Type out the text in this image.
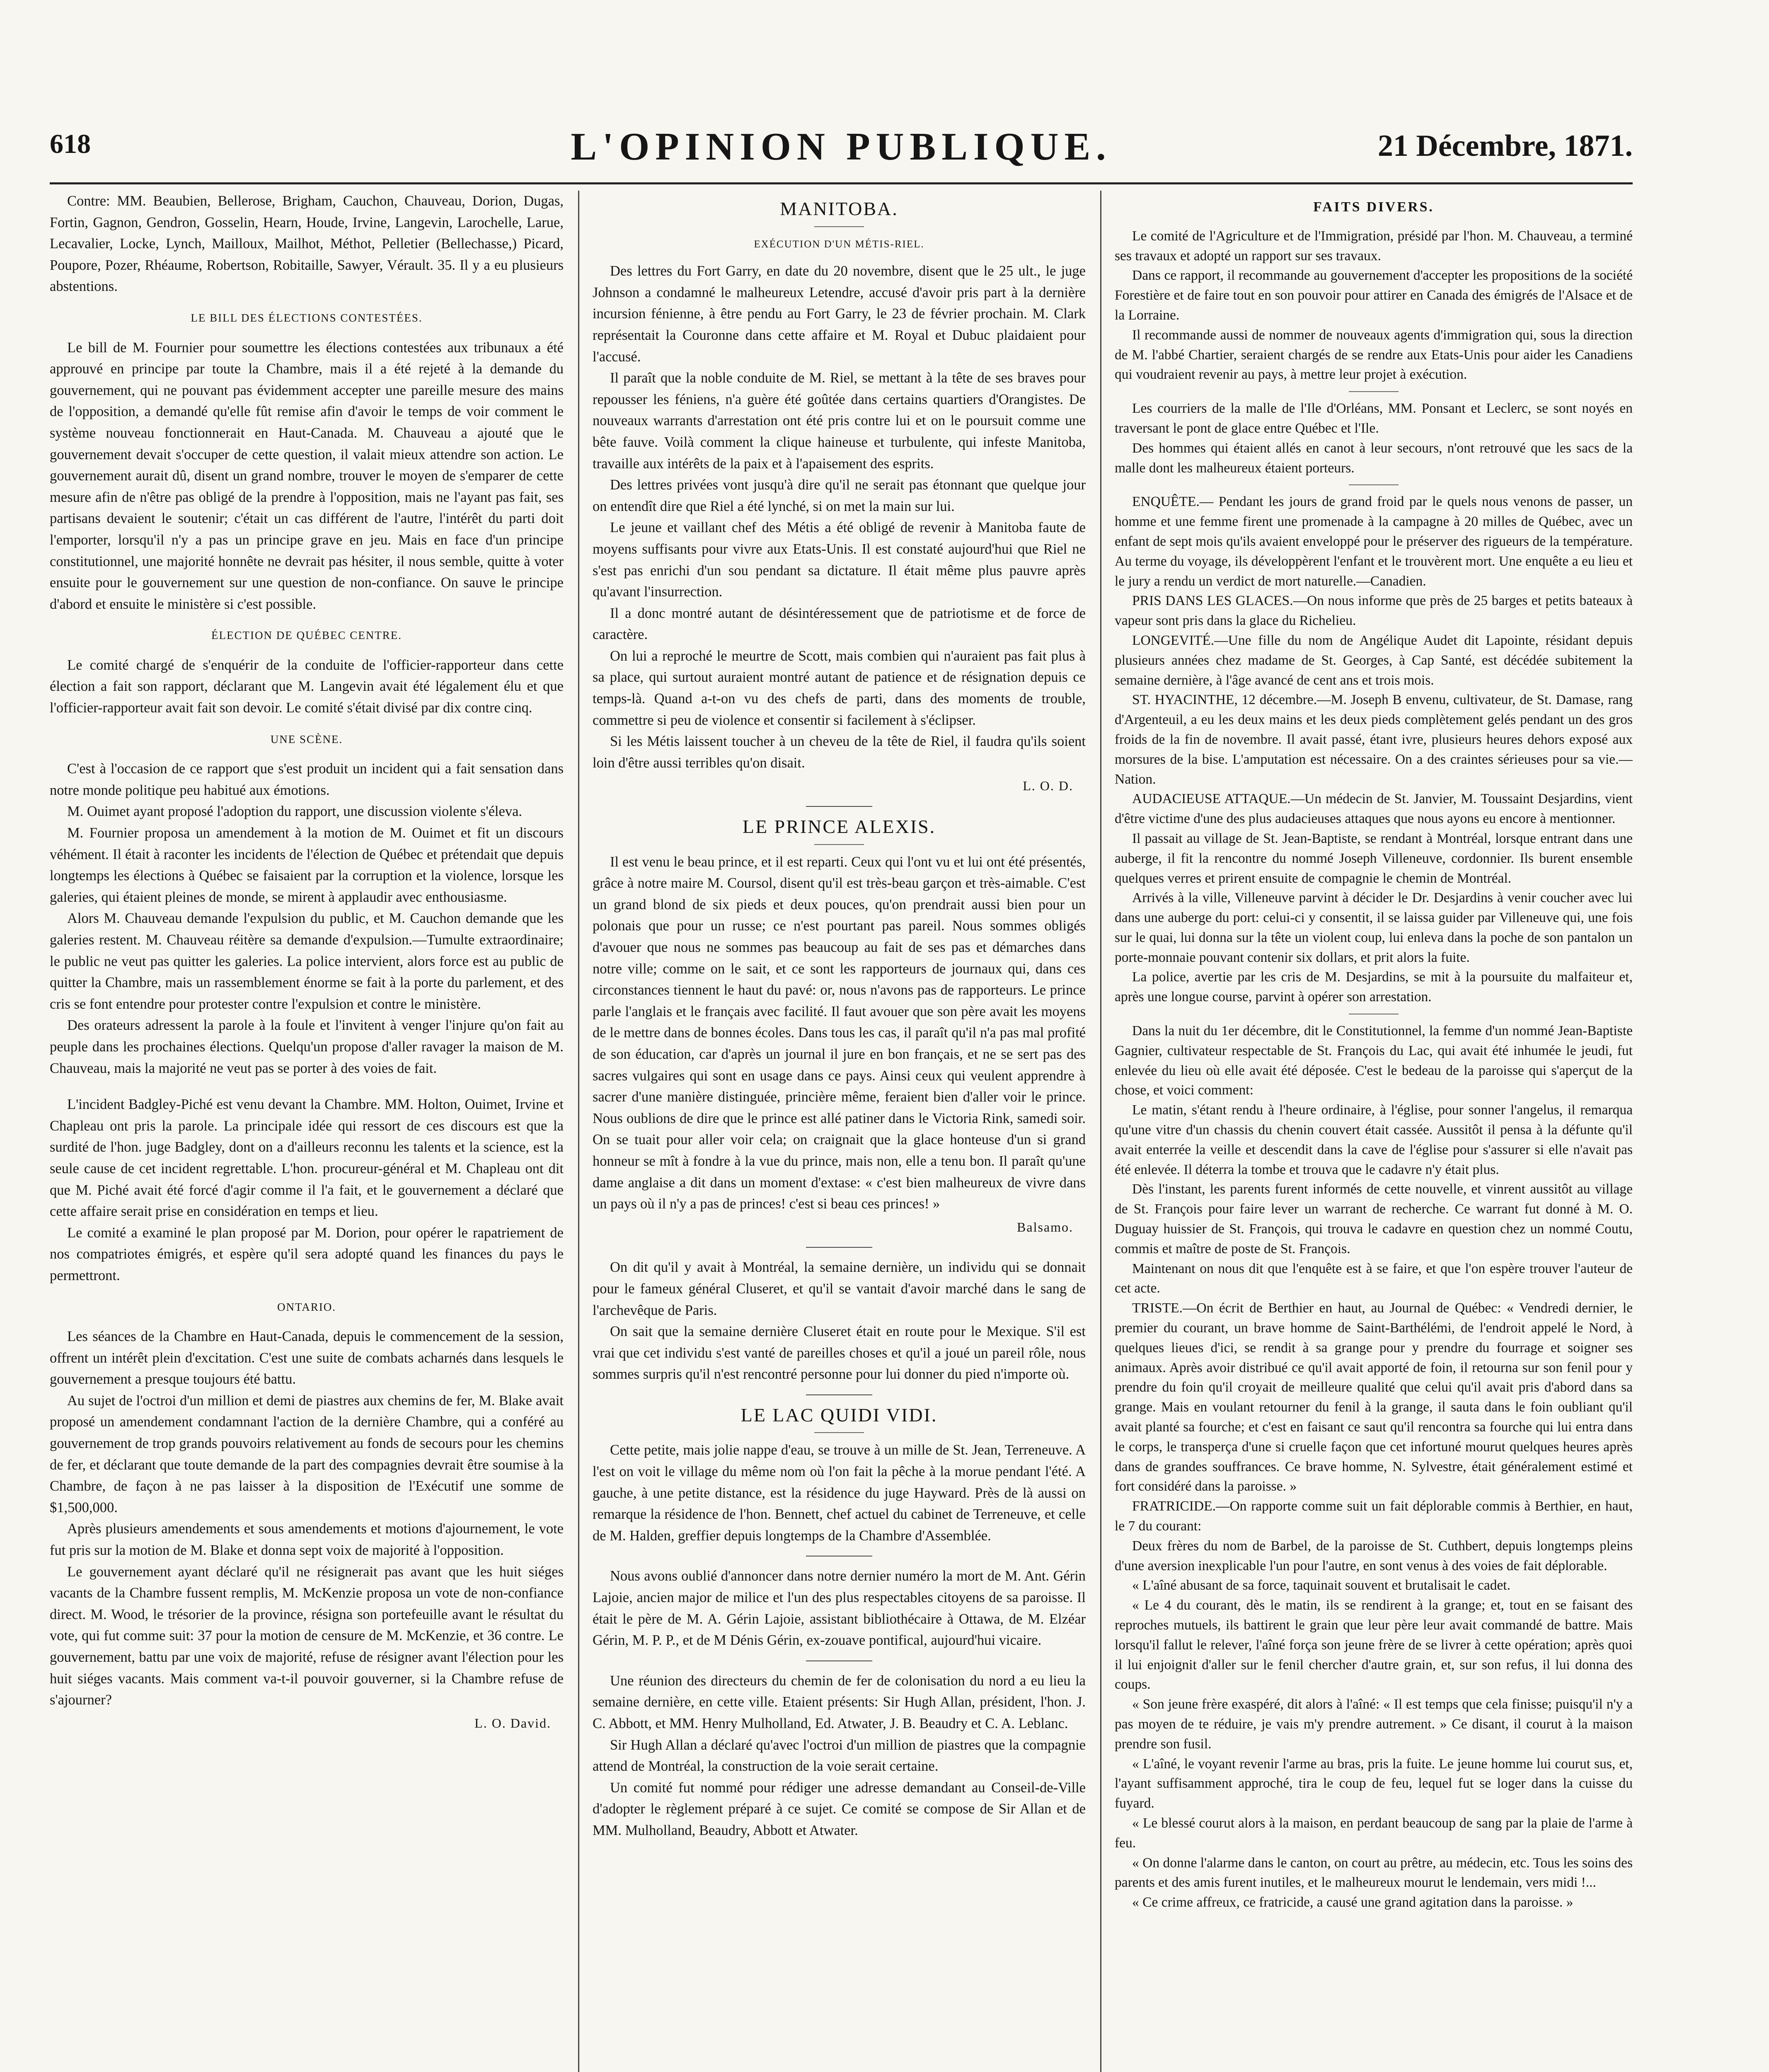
618	L'OPINION PUBLIQUE.	21 Décembre, 1871.

Contre: MM. Beaubien, Bellerose, Brigham, Cauchon, Chauveau, Dorion, Dugas, Fortin, Gagnon, Gendron, Gosselin, Hearn, Houde, Irvine, Langevin, Larochelle, Larue, Lecavalier, Locke, Lynch, Mailloux, Mailhot, Méthot, Pelletier (Bellechasse,) Picard, Poupore, Pozer, Rhéaume, Robertson, Robitaille, Sawyer, Vérault. 35. Il y a eu plusieurs abstentions.

LE BILL DES ÉLECTIONS CONTESTÉES.

Le bill de M. Fournier pour soumettre les élections contestées aux tribunaux a été approuvé en principe par toute la Chambre, mais il a été rejeté à la demande du gouvernement, qui ne pouvant pas évidemment accepter une pareille mesure des mains de l'opposition, a demandé qu'elle fût remise afin d'avoir le temps de voir comment le système nouveau fonctionnerait en Haut-Canada. M. Chauveau a ajouté que le gouvernement devait s'occuper de cette question, il valait mieux attendre son action. Le gouvernement aurait dû, disent un grand nombre, trouver le moyen de s'emparer de cette mesure afin de n'être pas obligé de la prendre à l'opposition, mais ne l'ayant pas fait, ses partisans devaient le soutenir; c'était un cas différent de l'autre, l'intérêt du parti doit l'emporter, lorsqu'il n'y a pas un principe grave en jeu. Mais en face d'un principe constitutionnel, une majorité honnête ne devrait pas hésiter, il nous semble, quitte à voter ensuite pour le gouvernement sur une question de non-confiance. On sauve le principe d'abord et ensuite le ministère si c'est possible.

ÉLECTION DE QUÉBEC CENTRE.

Le comité chargé de s'enquérir de la conduite de l'officier-rapporteur dans cette élection a fait son rapport, déclarant que M. Langevin avait été légalement élu et que l'officier-rapporteur avait fait son devoir. Le comité s'était divisé par dix contre cinq.

UNE SCÈNE.

C'est à l'occasion de ce rapport que s'est produit un incident qui a fait sensation dans notre monde politique peu habitué aux émotions.

M. Ouimet ayant proposé l'adoption du rapport, une discussion violente s'éleva.

M. Fournier proposa un amendement à la motion de M. Ouimet et fit un discours véhément. Il était à raconter les incidents de l'élection de Québec et prétendait que depuis longtemps les élections à Québec se faisaient par la corruption et la violence, lorsque les galeries, qui étaient pleines de monde, se mirent à applaudir avec enthousiasme.

Alors M. Chauveau demande l'expulsion du public, et M. Cauchon demande que les galeries restent. M. Chauveau réitère sa demande d'expulsion.—Tumulte extraordinaire; le public ne veut pas quitter les galeries. La police intervient, alors force est au public de quitter la Chambre, mais un rassemblement énorme se fait à la porte du parlement, et des cris se font entendre pour protester contre l'expulsion et contre le ministère.

Des orateurs adressent la parole à la foule et l'invitent à venger l'injure qu'on fait au peuple dans les prochaines élections. Quelqu'un propose d'aller ravager la maison de M. Chauveau, mais la majorité ne veut pas se porter à des voies de fait.

L'incident Badgley-Piché est venu devant la Chambre. MM. Holton, Ouimet, Irvine et Chapleau ont pris la parole. La principale idée qui ressort de ces discours est que la surdité de l'hon. juge Badgley, dont on a d'ailleurs reconnu les talents et la science, est la seule cause de cet incident regrettable. L'hon. procureur-général et M. Chapleau ont dit que M. Piché avait été forcé d'agir comme il l'a fait, et le gouvernement a déclaré que cette affaire serait prise en considération en temps et lieu.

Le comité a examiné le plan proposé par M. Dorion, pour opérer le rapatriement de nos compatriotes émigrés, et espère qu'il sera adopté quand les finances du pays le permettront.

ONTARIO.

Les séances de la Chambre en Haut-Canada, depuis le commencement de la session, offrent un intérêt plein d'excitation. C'est une suite de combats acharnés dans lesquels le gouvernement a presque toujours été battu.

Au sujet de l'octroi d'un million et demi de piastres aux chemins de fer, M. Blake avait proposé un amendement condamnant l'action de la dernière Chambre, qui a conféré au gouvernement de trop grands pouvoirs relativement au fonds de secours pour les chemins de fer, et déclarant que toute demande de la part des compagnies devrait être soumise à la Chambre, de façon à ne pas laisser à la disposition de l'Exécutif une somme de $1,500,000.

Après plusieurs amendements et sous amendements et motions d'ajournement, le vote fut pris sur la motion de M. Blake et donna sept voix de majorité à l'opposition.

Le gouvernement ayant déclaré qu'il ne résignerait pas avant que les huit siéges vacants de la Chambre fussent remplis, M. McKenzie proposa un vote de non-confiance direct. M. Wood, le trésorier de la province, résigna son portefeuille avant le résultat du vote, qui fut comme suit: 37 pour la motion de censure de M. McKenzie, et 36 contre. Le gouvernement, battu par une voix de majorité, refuse de résigner avant l'élection pour les huit siéges vacants. Mais comment va-t-il pouvoir gouverner, si la Chambre refuse de s'ajourner?

L. O. David.

MANITOBA.

EXÉCUTION D'UN MÉTIS-RIEL.

Des lettres du Fort Garry, en date du 20 novembre, disent que le 25 ult., le juge Johnson a condamné le malheureux Letendre, accusé d'avoir pris part à la dernière incursion fénienne, à être pendu au Fort Garry, le 23 de février prochain. M. Clark représentait la Couronne dans cette affaire et M. Royal et Dubuc plaidaient pour l'accusé.

Il paraît que la noble conduite de M. Riel, se mettant à la tête de ses braves pour repousser les féniens, n'a guère été goûtée dans certains quartiers d'Orangistes. De nouveaux warrants d'arrestation ont été pris contre lui et on le poursuit comme une bête fauve. Voilà comment la clique haineuse et turbulente, qui infeste Manitoba, travaille aux intérêts de la paix et à l'apaisement des esprits.

Des lettres privées vont jusqu'à dire qu'il ne serait pas étonnant que quelque jour on entendît dire que Riel a été lynché, si on met la main sur lui.

Le jeune et vaillant chef des Métis a été obligé de revenir à Manitoba faute de moyens suffisants pour vivre aux Etats-Unis. Il est constaté aujourd'hui que Riel ne s'est pas enrichi d'un sou pendant sa dictature. Il était même plus pauvre après qu'avant l'insurrection.

Il a donc montré autant de désintéressement que de patriotisme et de force de caractère.

On lui a reproché le meurtre de Scott, mais combien qui n'auraient pas fait plus à sa place, qui surtout auraient montré autant de patience et de résignation depuis ce temps-là. Quand a-t-on vu des chefs de parti, dans des moments de trouble, commettre si peu de violence et consentir si facilement à s'éclipser.

Si les Métis laissent toucher à un cheveu de la tête de Riel, il faudra qu'ils soient loin d'être aussi terribles qu'on disait.

L. O. D.

LE PRINCE ALEXIS.

Il est venu le beau prince, et il est reparti. Ceux qui l'ont vu et lui ont été présentés, grâce à notre maire M. Coursol, disent qu'il est très-beau garçon et très-aimable. C'est un grand blond de six pieds et deux pouces, qu'on prendrait aussi bien pour un polonais que pour un russe; ce n'est pourtant pas pareil. Nous sommes obligés d'avouer que nous ne sommes pas beaucoup au fait de ses pas et démarches dans notre ville; comme on le sait, et ce sont les rapporteurs de journaux qui, dans ces circonstances tiennent le haut du pavé: or, nous n'avons pas de rapporteurs. Le prince parle l'anglais et le français avec facilité. Il faut avouer que son père avait les moyens de le mettre dans de bonnes écoles. Dans tous les cas, il paraît qu'il n'a pas mal profité de son éducation, car d'après un journal il jure en bon français, et ne se sert pas des sacres vulgaires qui sont en usage dans ce pays. Ainsi ceux qui veulent apprendre à sacrer d'une manière distinguée, princière même, feraient bien d'aller voir le prince. Nous oublions de dire que le prince est allé patiner dans le Victoria Rink, samedi soir. On se tuait pour aller voir cela; on craignait que la glace honteuse d'un si grand honneur se mît à fondre à la vue du prince, mais non, elle a tenu bon. Il paraît qu'une dame anglaise a dit dans un moment d'extase: « c'est bien malheureux de vivre dans un pays où il n'y a pas de princes! c'est si beau ces princes! »

Balsamo.

On dit qu'il y avait à Montréal, la semaine dernière, un individu qui se donnait pour le fameux général Cluseret, et qu'il se vantait d'avoir marché dans le sang de l'archevêque de Paris.

On sait que la semaine dernière Cluseret était en route pour le Mexique. S'il est vrai que cet individu s'est vanté de pareilles choses et qu'il a joué un pareil rôle, nous sommes surpris qu'il n'est rencontré personne pour lui donner du pied n'importe où.

LE LAC QUIDI VIDI.

Cette petite, mais jolie nappe d'eau, se trouve à un mille de St. Jean, Terreneuve. A l'est on voit le village du même nom où l'on fait la pêche à la morue pendant l'été. A gauche, à une petite distance, est la résidence du juge Hayward. Près de là aussi on remarque la résidence de l'hon. Bennett, chef actuel du cabinet de Terreneuve, et celle de M. Halden, greffier depuis longtemps de la Chambre d'Assemblée.

Nous avons oublié d'annoncer dans notre dernier numéro la mort de M. Ant. Gérin Lajoie, ancien major de milice et l'un des plus respectables citoyens de sa paroisse. Il était le père de M. A. Gérin Lajoie, assistant bibliothécaire à Ottawa, de M. Elzéar Gérin, M. P. P., et de M Dénis Gérin, ex-zouave pontifical, aujourd'hui vicaire.

Une réunion des directeurs du chemin de fer de colonisation du nord a eu lieu la semaine dernière, en cette ville. Etaient présents: Sir Hugh Allan, président, l'hon. J. C. Abbott, et MM. Henry Mulholland, Ed. Atwater, J. B. Beaudry et C. A. Leblanc.

Sir Hugh Allan a déclaré qu'avec l'octroi d'un million de piastres que la compagnie attend de Montréal, la construction de la voie serait certaine.

Un comité fut nommé pour rédiger une adresse demandant au Conseil-de-Ville d'adopter le règlement préparé à ce sujet. Ce comité se compose de Sir Allan et de MM. Mulholland, Beaudry, Abbott et Atwater.

FAITS DIVERS.

Le comité de l'Agriculture et de l'Immigration, présidé par l'hon. M. Chauveau, a terminé ses travaux et adopté un rapport sur ses travaux.

Dans ce rapport, il recommande au gouvernement d'accepter les propositions de la société Forestière et de faire tout en son pouvoir pour attirer en Canada des émigrés de l'Alsace et de la Lorraine.

Il recommande aussi de nommer de nouveaux agents d'immigration qui, sous la direction de M. l'abbé Chartier, seraient chargés de se rendre aux Etats-Unis pour aider les Canadiens qui voudraient revenir au pays, à mettre leur projet à exécution.

Les courriers de la malle de l'Ile d'Orléans, MM. Ponsant et Leclerc, se sont noyés en traversant le pont de glace entre Québec et l'Ile.

Des hommes qui étaient allés en canot à leur secours, n'ont retrouvé que les sacs de la malle dont les malheureux étaient porteurs.

ENQUÊTE.— Pendant les jours de grand froid par le quels nous venons de passer, un homme et une femme firent une promenade à la campagne à 20 milles de Québec, avec un enfant de sept mois qu'ils avaient enveloppé pour le préserver des rigueurs de la température. Au terme du voyage, ils développèrent l'enfant et le trouvèrent mort. Une enquête a eu lieu et le jury a rendu un verdict de mort naturelle.—Canadien.

PRIS DANS LES GLACES.—On nous informe que près de 25 barges et petits bateaux à vapeur sont pris dans la glace du Richelieu.

LONGEVITÉ.—Une fille du nom de Angélique Audet dit Lapointe, résidant depuis plusieurs années chez madame de St. Georges, à Cap Santé, est décédée subitement la semaine dernière, à l'âge avancé de cent ans et trois mois.

ST. HYACINTHE, 12 décembre.—M. Joseph B envenu, cultivateur, de St. Damase, rang d'Argenteuil, a eu les deux mains et les deux pieds complètement gelés pendant un des gros froids de la fin de novembre. Il avait passé, étant ivre, plusieurs heures dehors exposé aux morsures de la bise. L'amputation est nécessaire. On a des craintes sérieuses pour sa vie.—Nation.

AUDACIEUSE ATTAQUE.—Un médecin de St. Janvier, M. Toussaint Desjardins, vient d'être victime d'une des plus audacieuses attaques que nous ayons eu encore à mentionner.

Il passait au village de St. Jean-Baptiste, se rendant à Montréal, lorsque entrant dans une auberge, il fit la rencontre du nommé Joseph Villeneuve, cordonnier. Ils burent ensemble quelques verres et prirent ensuite de compagnie le chemin de Montréal.

Arrivés à la ville, Villeneuve parvint à décider le Dr. Desjardins à venir coucher avec lui dans une auberge du port: celui-ci y consentit, il se laissa guider par Villeneuve qui, une fois sur le quai, lui donna sur la tête un violent coup, lui enleva dans la poche de son pantalon un porte-monnaie pouvant contenir six dollars, et prit alors la fuite.

La police, avertie par les cris de M. Desjardins, se mit à la poursuite du malfaiteur et, après une longue course, parvint à opérer son arrestation.

Dans la nuit du 1er décembre, dit le Constitutionnel, la femme d'un nommé Jean-Baptiste Gagnier, cultivateur respectable de St. François du Lac, qui avait été inhumée le jeudi, fut enlevée du lieu où elle avait été déposée. C'est le bedeau de la paroisse qui s'aperçut de la chose, et voici comment:

Le matin, s'étant rendu à l'heure ordinaire, à l'église, pour sonner l'angelus, il remarqua qu'une vitre d'un chassis du chenin couvert était cassée. Aussitôt il pensa à la défunte qu'il avait enterrée la veille et descendit dans la cave de l'église pour s'assurer si elle n'avait pas été enlevée. Il déterra la tombe et trouva que le cadavre n'y était plus.

Dès l'instant, les parents furent informés de cette nouvelle, et vinrent aussitôt au village de St. François pour faire lever un warrant de recherche. Ce warrant fut donné à M. O. Duguay huissier de St. François, qui trouva le cadavre en question chez un nommé Coutu, commis et maître de poste de St. François.

Maintenant on nous dit que l'enquête est à se faire, et que l'on espère trouver l'auteur de cet acte.

TRISTE.—On écrit de Berthier en haut, au Journal de Québec: « Vendredi dernier, le premier du courant, un brave homme de Saint-Barthélémi, de l'endroit appelé le Nord, à quelques lieues d'ici, se rendit à sa grange pour y prendre du fourrage et soigner ses animaux. Après avoir distribué ce qu'il avait apporté de foin, il retourna sur son fenil pour y prendre du foin qu'il croyait de meilleure qualité que celui qu'il avait pris d'abord dans sa grange. Mais en voulant retourner du fenil à la grange, il sauta dans le foin oubliant qu'il avait planté sa fourche; et c'est en faisant ce saut qu'il rencontra sa fourche qui lui entra dans le corps, le transperça d'une si cruelle façon que cet infortuné mourut quelques heures après dans de grandes souffrances. Ce brave homme, N. Sylvestre, était généralement estimé et fort considéré dans la paroisse. »

FRATRICIDE.—On rapporte comme suit un fait déplorable commis à Berthier, en haut, le 7 du courant:

Deux frères du nom de Barbel, de la paroisse de St. Cuthbert, depuis longtemps pleins d'une aversion inexplicable l'un pour l'autre, en sont venus à des voies de fait déplorable.

« L'aîné abusant de sa force, taquinait souvent et brutalisait le cadet.

« Le 4 du courant, dès le matin, ils se rendirent à la grange; et, tout en se faisant des reproches mutuels, ils battirent le grain que leur père leur avait commandé de battre. Mais lorsqu'il fallut le relever, l'aîné força son jeune frère de se livrer à cette opération; après quoi il lui enjoignit d'aller sur le fenil chercher d'autre grain, et, sur son refus, il lui donna des coups.

« Son jeune frère exaspéré, dit alors à l'aîné: « Il est temps que cela finisse; puisqu'il n'y a pas moyen de te réduire, je vais m'y prendre autrement. » Ce disant, il courut à la maison prendre son fusil.

« L'aîné, le voyant revenir l'arme au bras, pris la fuite. Le jeune homme lui courut sus, et, l'ayant suffisamment approché, tira le coup de feu, lequel fut se loger dans la cuisse du fuyard.

« Le blessé courut alors à la maison, en perdant beaucoup de sang par la plaie de l'arme à feu.

« On donne l'alarme dans le canton, on court au prêtre, au médecin, etc. Tous les soins des parents et des amis furent inutiles, et le malheureux mourut le lendemain, vers midi !...

« Ce crime affreux, ce fratricide, a causé une grand agitation dans la paroisse. »
